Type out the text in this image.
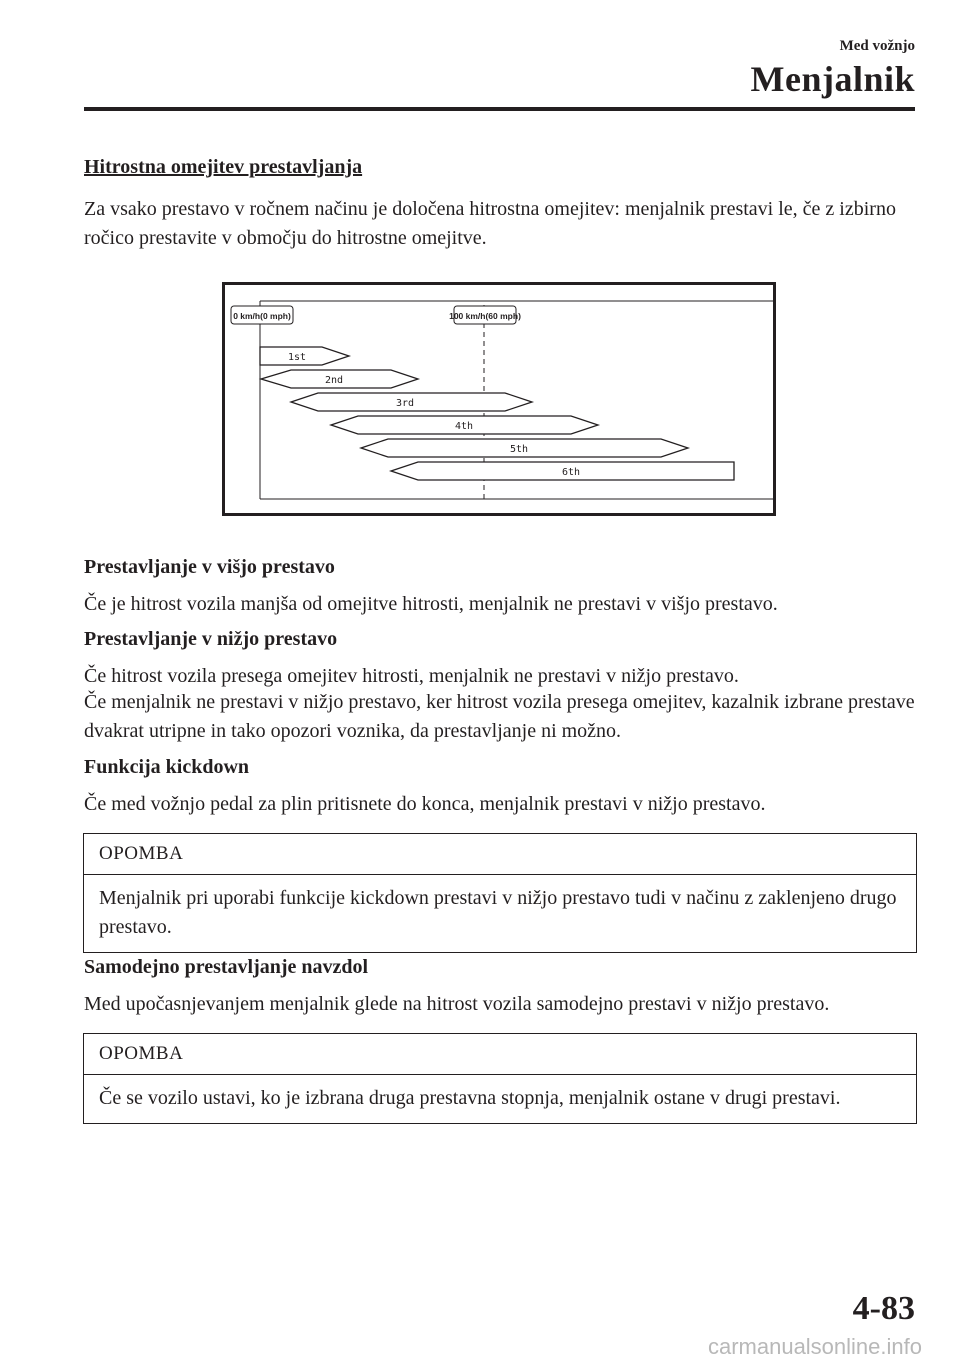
Med vožnjo
Menjalnik
Hitrostna omejitev prestavljanja
Za vsako prestavo v ročnem načinu je določena hitrostna omejitev: menjalnik prestavi le, če z izbirno ročico prestavite v območju do hitrostne omejitve.
0 km/h(0 mph)	100 km/h(60 mph)
1st
2nd
3rd
4th
5th
6th
Prestavljanje v višjo prestavo
Če je hitrost vozila manjša od omejitve hitrosti, menjalnik ne prestavi v višjo prestavo.
Prestavljanje v nižjo prestavo
Če hitrost vozila presega omejitev hitrosti, menjalnik ne prestavi v nižjo prestavo.
Če menjalnik ne prestavi v nižjo prestavo, ker hitrost vozila presega omejitev, kazalnik izbrane prestave dvakrat utripne in tako opozori voznika, da prestavljanje ni možno.
Funkcija kickdown
Če med vožnjo pedal za plin pritisnete do konca, menjalnik prestavi v nižjo prestavo.
OPOMBA
Menjalnik pri uporabi funkcije kickdown prestavi v nižjo prestavo tudi v načinu z zaklenjeno drugo prestavo.
Samodejno prestavljanje navzdol
Med upočasnjevanjem menjalnik glede na hitrost vozila samodejno prestavi v nižjo prestavo.
OPOMBA
Če se vozilo ustavi, ko je izbrana druga prestavna stopnja, menjalnik ostane v drugi prestavi.
4-83
carmanualsonline.info
